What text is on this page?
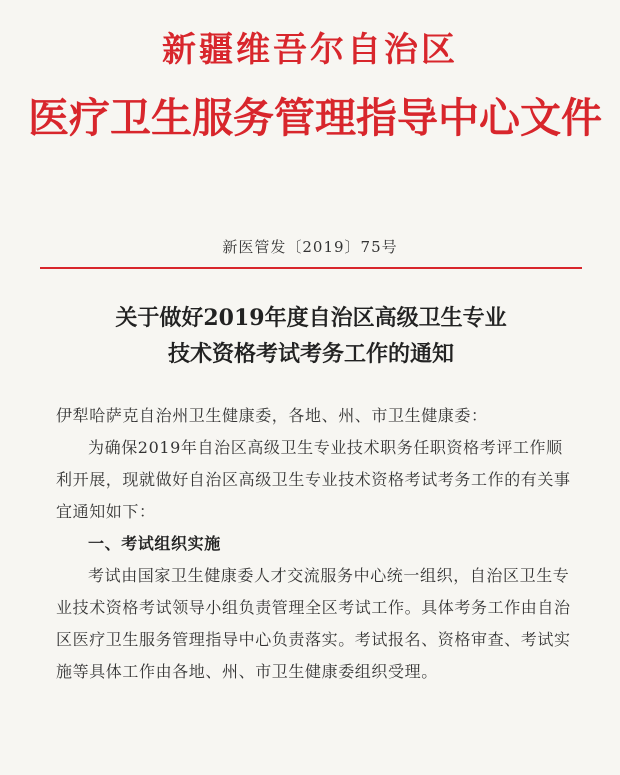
新疆维吾尔自治区
医疗卫生服务管理指导中心文件
新医管发〔2019〕75号
关于做好2019年度自治区高级卫生专业
技术资格考试考务工作的通知

伊犁哈萨克自治州卫生健康委，各地、州、市卫生健康委：

为确保2019年自治区高级卫生专业技术职务任职资格考评工作顺利开展，现就做好自治区高级卫生专业技术资格考试考务工作的有关事宜通知如下：

一、考试组织实施

考试由国家卫生健康委人才交流服务中心统一组织，自治区卫生专业技术资格考试领导小组负责管理全区考试工作。具体考务工作由自治区医疗卫生服务管理指导中心负责落实。考试报名、资格审查、考试实施等具体工作由各地、州、市卫生健康委组织受理。
